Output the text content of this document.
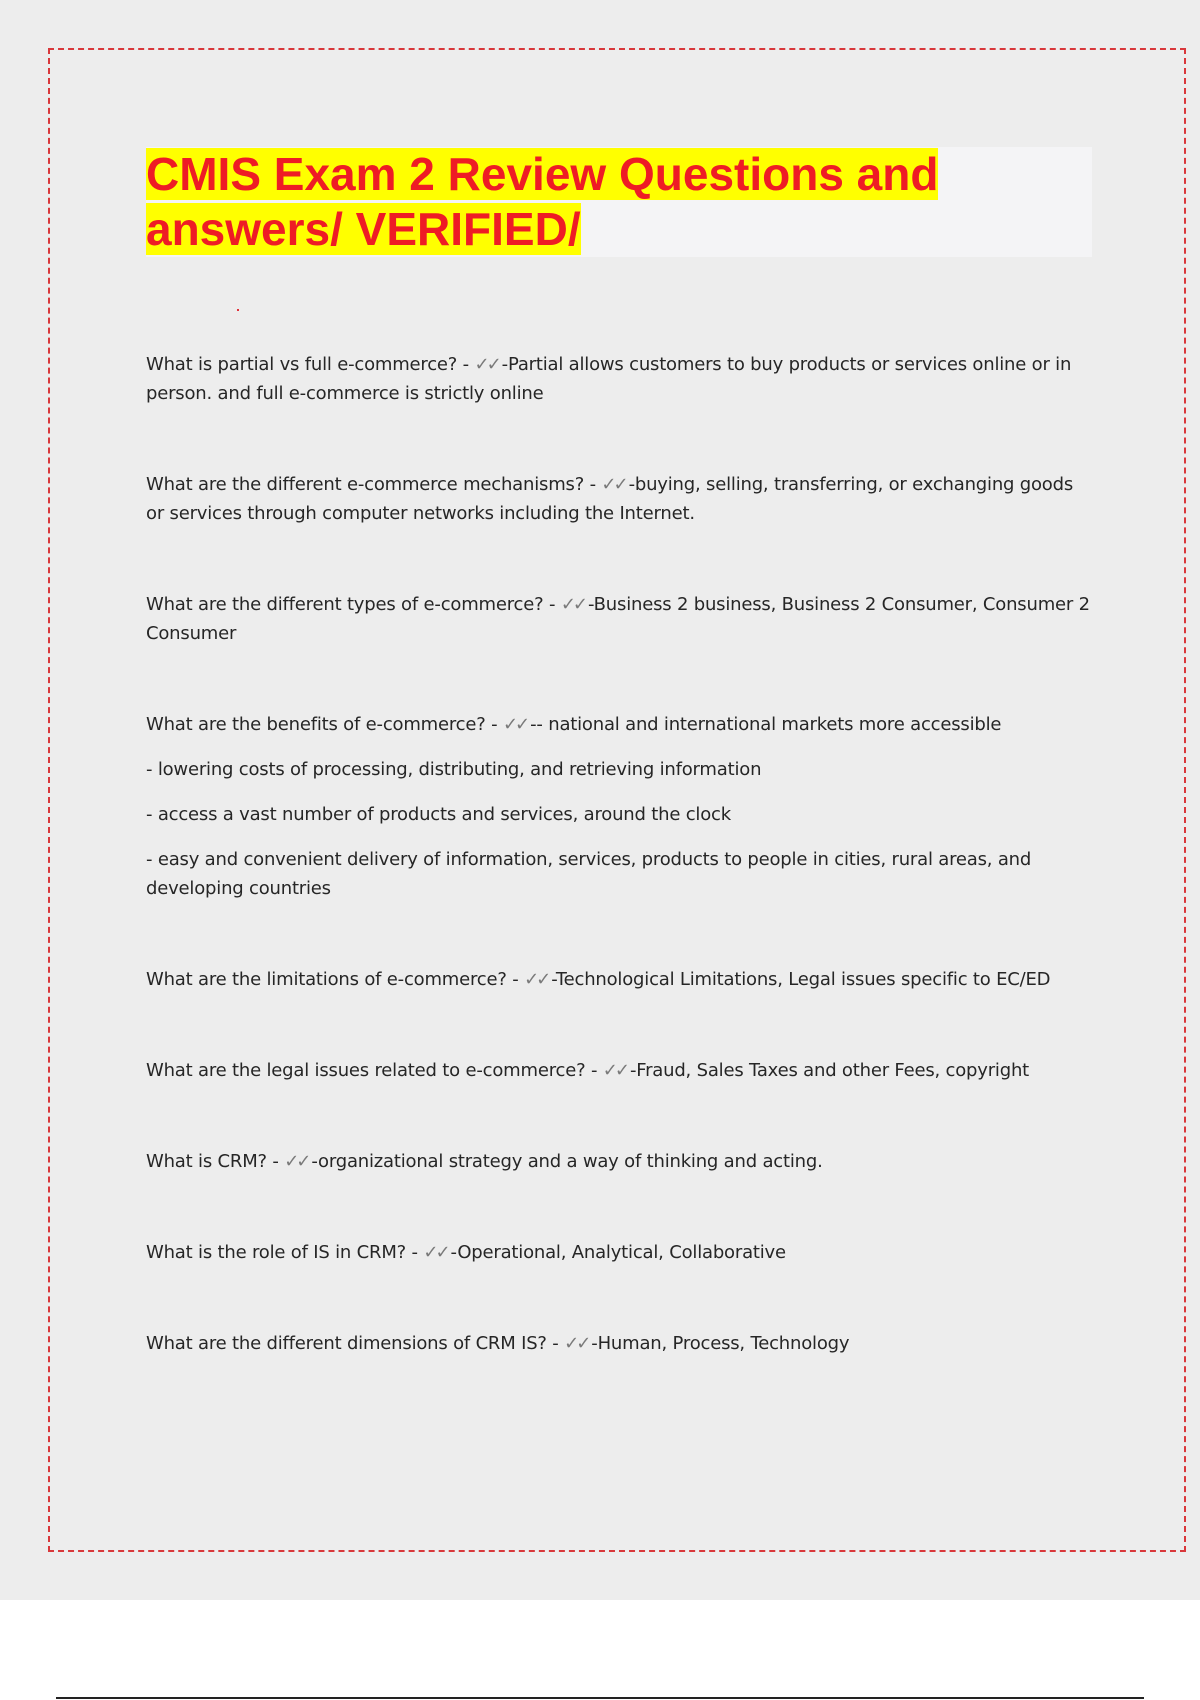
CMIS Exam 2 Review Questions and
answers/ VERIFIED/

What is partial vs full e-commerce? - ✓✓ -Partial allows customers to buy products or services online or in person. and full e-commerce is strictly online

What are the different e-commerce mechanisms? - ✓✓ -buying, selling, transferring, or exchanging goods or services through computer networks including the Internet.

What are the different types of e-commerce? - ✓✓ -Business 2 business, Business 2 Consumer, Consumer 2 Consumer

What are the benefits of e-commerce? - ✓✓ -- national and international markets more accessible

- lowering costs of processing, distributing, and retrieving information

- access a vast number of products and services, around the clock

- easy and convenient delivery of information, services, products to people in cities, rural areas, and developing countries

What are the limitations of e-commerce? - ✓✓ -Technological Limitations, Legal issues specific to EC/ED

What are the legal issues related to e-commerce? - ✓✓ -Fraud, Sales Taxes and other Fees, copyright

What is CRM? - ✓✓ -organizational strategy and a way of thinking and acting.

What is the role of IS in CRM? - ✓✓ -Operational, Analytical, Collaborative

What are the different dimensions of CRM IS? - ✓✓ -Human, Process, Technology
